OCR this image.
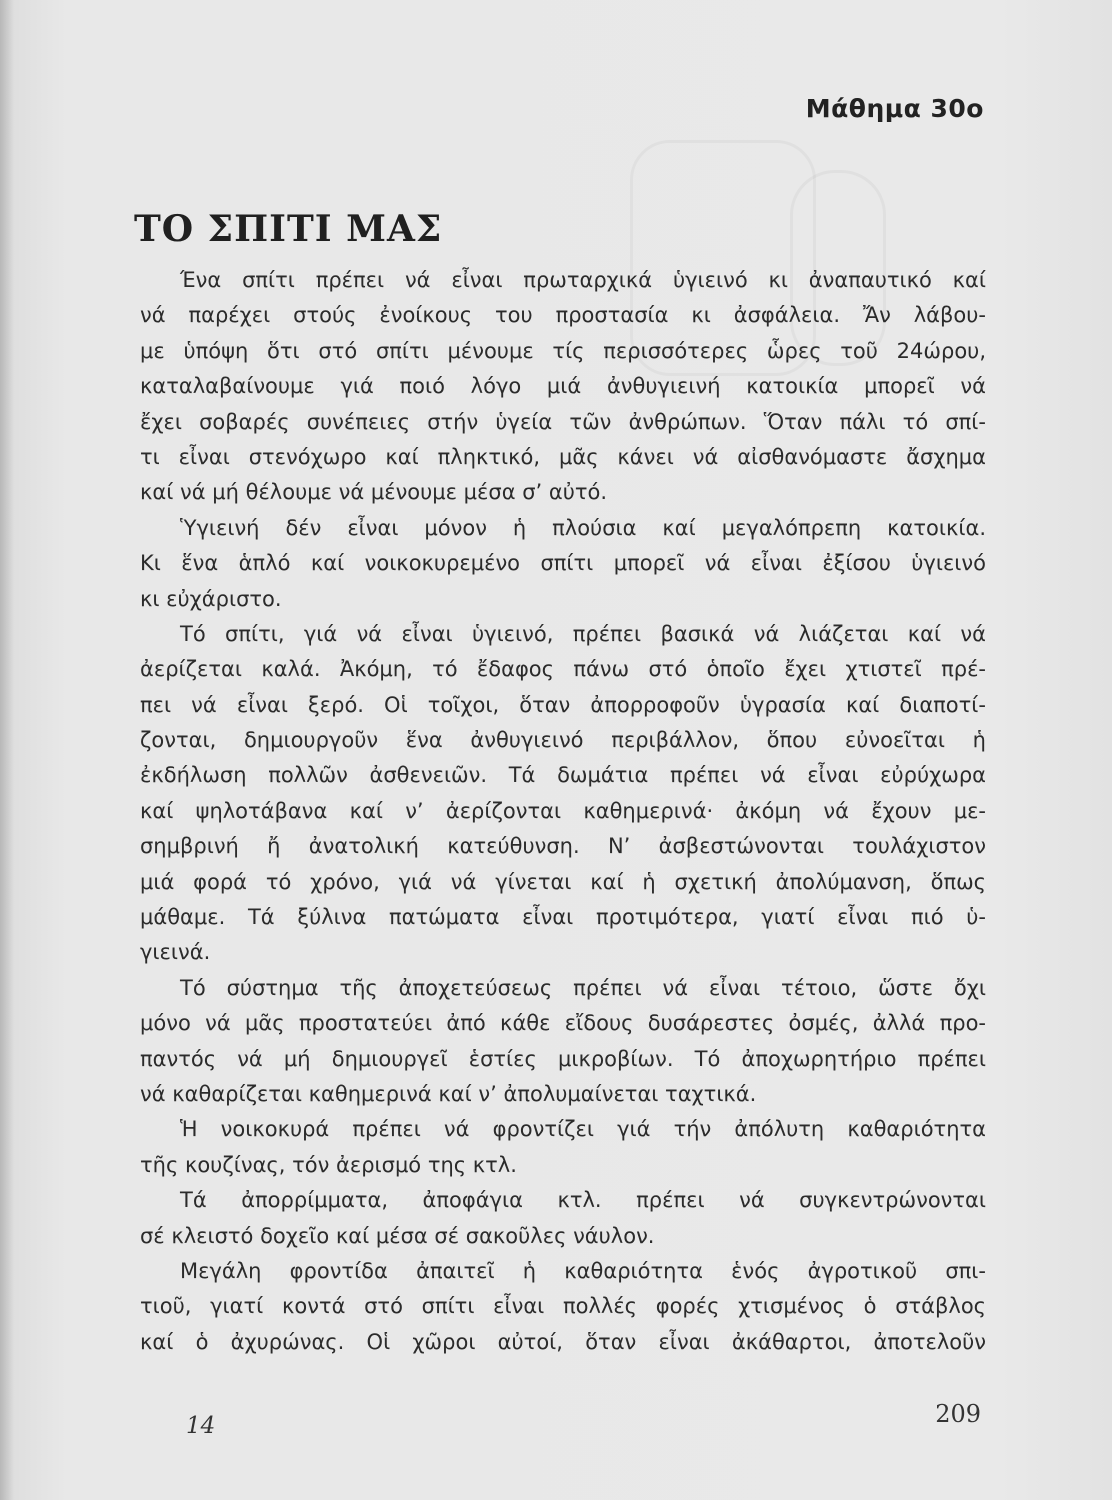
Μάθημα 30ο
ΤΟ ΣΠΙΤΙ ΜΑΣ
Ένα σπίτι πρέπει νά εἶναι πρωταρχικά ὑγιεινό κι ἀναπαυτικό καί
νά παρέχει στούς ἐνοίκους του προστασία κι ἀσφάλεια. Ἄν λάβου-
με ὑπόψη ὅτι στό σπίτι μένουμε τίς περισσότερες ὧρες τοῦ 24ώρου,
καταλαβαίνουμε γιά ποιό λόγο μιά ἀνθυγιεινή κατοικία μπορεῖ νά
ἔχει σοβαρές συνέπειες στήν ὑγεία τῶν ἀνθρώπων. Ὅταν πάλι τό σπί-
τι εἶναι στενόχωρο καί πληκτικό, μᾶς κάνει νά αἰσθανόμαστε ἄσχημα
καί νά μή θέλουμε νά μένουμε μέσα σ’ αὐτό.
Ὑγιεινή δέν εἶναι μόνον ἡ πλούσια καί μεγαλόπρεπη κατοικία.
Κι ἕνα ἁπλό καί νοικοκυρεμένο σπίτι μπορεῖ νά εἶναι ἐξίσου ὑγιεινό
κι εὐχάριστο.
Τό σπίτι, γιά νά εἶναι ὑγιεινό, πρέπει βασικά νά λιάζεται καί νά
ἀερίζεται καλά. Ἀκόμη, τό ἔδαφος πάνω στό ὁποῖο ἔχει χτιστεῖ πρέ-
πει νά εἶναι ξερό. Οἱ τοῖχοι, ὅταν ἀπορροφοῦν ὑγρασία καί διαποτί-
ζονται, δημιουργοῦν ἕνα ἀνθυγιεινό περιβάλλον, ὅπου εὐνοεῖται ἡ
ἐκδήλωση πολλῶν ἀσθενειῶν. Τά δωμάτια πρέπει νά εἶναι εὐρύχωρα
καί ψηλοτάβανα καί ν’ ἀερίζονται καθημερινά· ἀκόμη νά ἔχουν με-
σημβρινή ἤ ἀνατολική κατεύθυνση. Ν’ ἀσβεστώνονται τουλάχιστον
μιά φορά τό χρόνο, γιά νά γίνεται καί ἡ σχετική ἀπολύμανση, ὅπως
μάθαμε. Τά ξύλινα πατώματα εἶναι προτιμότερα, γιατί εἶναι πιό ὑ-
γιεινά.
Τό σύστημα τῆς ἀποχετεύσεως πρέπει νά εἶναι τέτοιο, ὥστε ὄχι
μόνο νά μᾶς προστατεύει ἀπό κάθε εἴδους δυσάρεστες ὀσμές, ἀλλά προ-
παντός νά μή δημιουργεῖ ἑστίες μικροβίων. Τό ἀποχωρητήριο πρέπει
νά καθαρίζεται καθημερινά καί ν’ ἀπολυμαίνεται ταχτικά.
Ἡ νοικοκυρά πρέπει νά φροντίζει γιά τήν ἀπόλυτη καθαριότητα
τῆς κουζίνας, τόν ἀερισμό της κτλ.
Τά ἀπορρίμματα, ἀποφάγια κτλ. πρέπει νά συγκεντρώνονται
σέ κλειστό δοχεῖο καί μέσα σέ σακοῦλες νάυλον.
Μεγάλη φροντίδα ἀπαιτεῖ ἡ καθαριότητα ἑνός ἀγροτικοῦ σπι-
τιοῦ, γιατί κοντά στό σπίτι εἶναι πολλές φορές χτισμένος ὁ στάβλος
καί ὁ ἀχυρώνας. Οἱ χῶροι αὐτοί, ὅταν εἶναι ἀκάθαρτοι, ἀποτελοῦν
14	209
